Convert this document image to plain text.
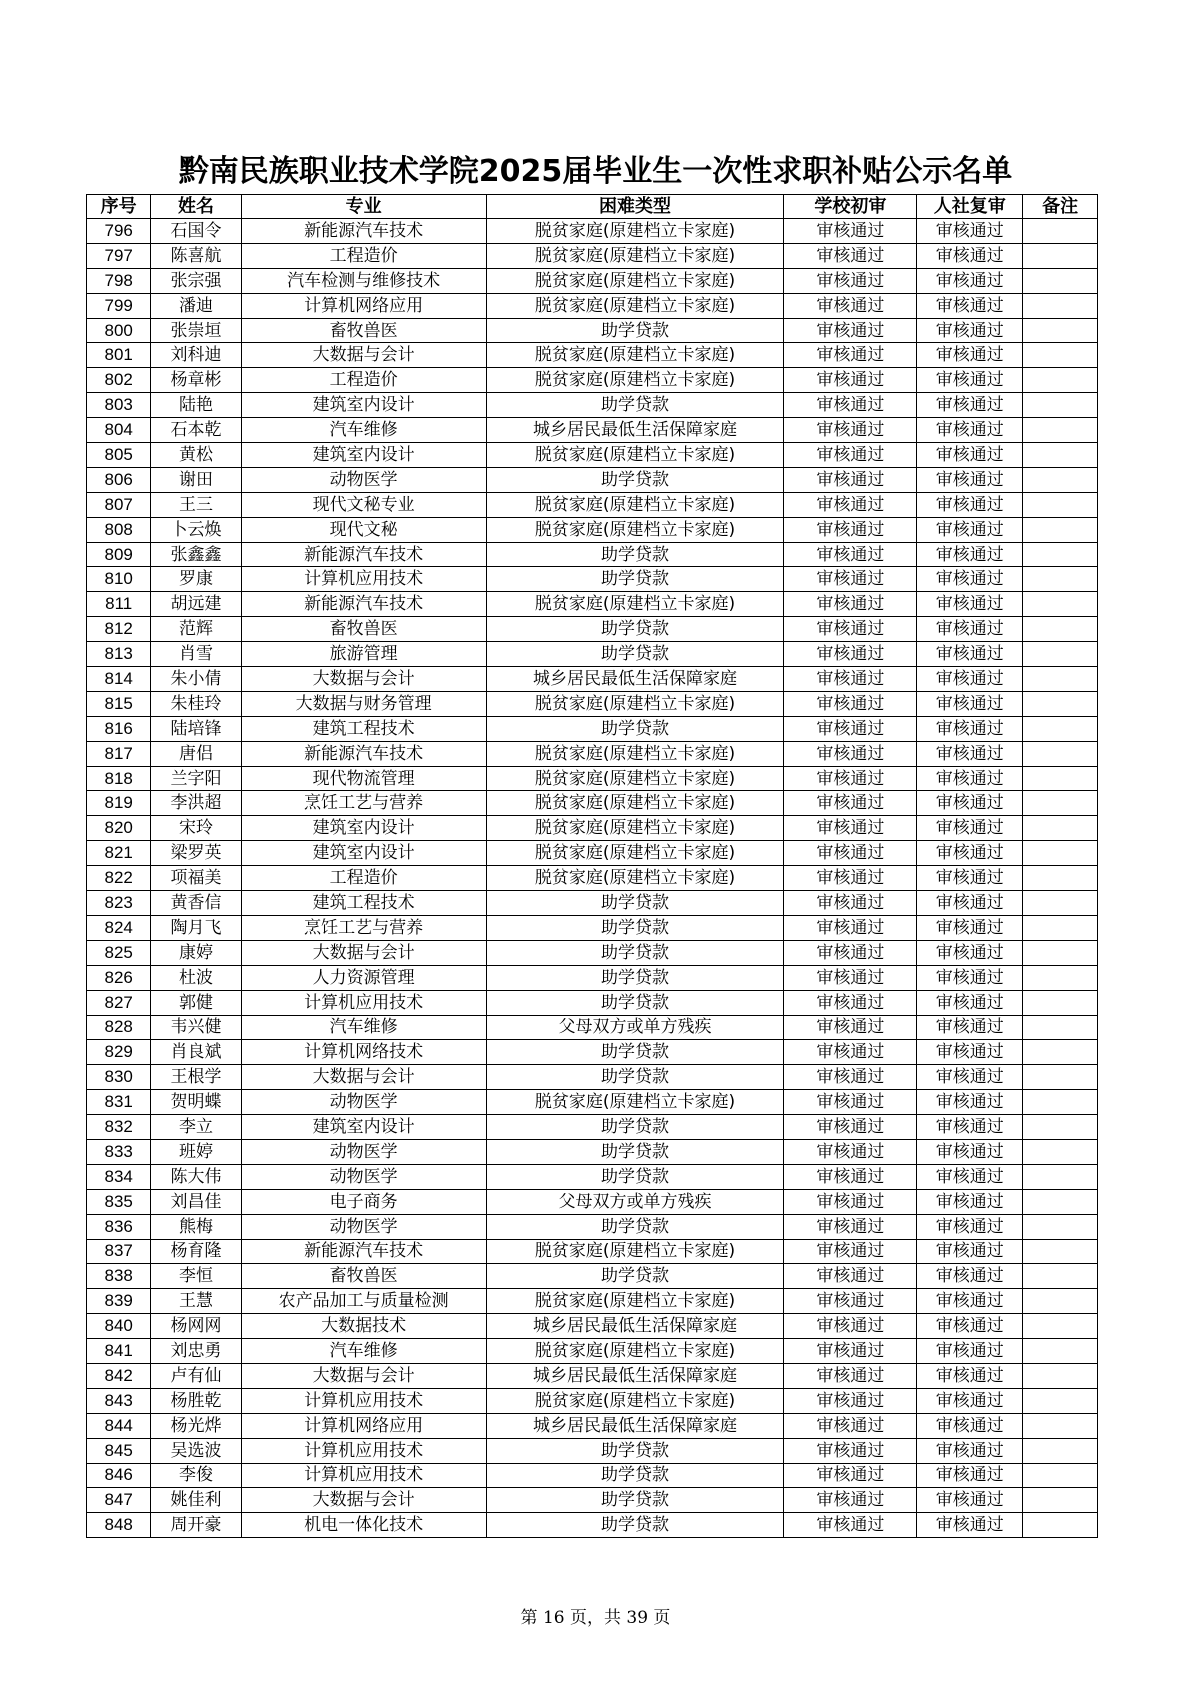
黔南民族职业技术学院2025届毕业生一次性求职补贴公示名单
序号	姓名	专业	困难类型	学校初审	人社复审	备注
796	石国令	新能源汽车技术	脱贫家庭(原建档立卡家庭)	审核通过	审核通过	
797	陈喜航	工程造价	脱贫家庭(原建档立卡家庭)	审核通过	审核通过	
798	张宗强	汽车检测与维修技术	脱贫家庭(原建档立卡家庭)	审核通过	审核通过	
799	潘迪	计算机网络应用	脱贫家庭(原建档立卡家庭)	审核通过	审核通过	
800	张崇垣	畜牧兽医	助学贷款	审核通过	审核通过	
801	刘科迪	大数据与会计	脱贫家庭(原建档立卡家庭)	审核通过	审核通过	
802	杨章彬	工程造价	脱贫家庭(原建档立卡家庭)	审核通过	审核通过	
803	陆艳	建筑室内设计	助学贷款	审核通过	审核通过	
804	石本乾	汽车维修	城乡居民最低生活保障家庭	审核通过	审核通过	
805	黄松	建筑室内设计	脱贫家庭(原建档立卡家庭)	审核通过	审核通过	
806	谢田	动物医学	助学贷款	审核通过	审核通过	
807	王三	现代文秘专业	脱贫家庭(原建档立卡家庭)	审核通过	审核通过	
808	卜云焕	现代文秘	脱贫家庭(原建档立卡家庭)	审核通过	审核通过	
809	张鑫鑫	新能源汽车技术	助学贷款	审核通过	审核通过	
810	罗康	计算机应用技术	助学贷款	审核通过	审核通过	
811	胡远建	新能源汽车技术	脱贫家庭(原建档立卡家庭)	审核通过	审核通过	
812	范辉	畜牧兽医	助学贷款	审核通过	审核通过	
813	肖雪	旅游管理	助学贷款	审核通过	审核通过	
814	朱小倩	大数据与会计	城乡居民最低生活保障家庭	审核通过	审核通过	
815	朱桂玲	大数据与财务管理	脱贫家庭(原建档立卡家庭)	审核通过	审核通过	
816	陆培锋	建筑工程技术	助学贷款	审核通过	审核通过	
817	唐侣	新能源汽车技术	脱贫家庭(原建档立卡家庭)	审核通过	审核通过	
818	兰字阳	现代物流管理	脱贫家庭(原建档立卡家庭)	审核通过	审核通过	
819	李洪超	烹饪工艺与营养	脱贫家庭(原建档立卡家庭)	审核通过	审核通过	
820	宋玲	建筑室内设计	脱贫家庭(原建档立卡家庭)	审核通过	审核通过	
821	梁罗英	建筑室内设计	脱贫家庭(原建档立卡家庭)	审核通过	审核通过	
822	项福美	工程造价	脱贫家庭(原建档立卡家庭)	审核通过	审核通过	
823	黄香信	建筑工程技术	助学贷款	审核通过	审核通过	
824	陶月飞	烹饪工艺与营养	助学贷款	审核通过	审核通过	
825	康婷	大数据与会计	助学贷款	审核通过	审核通过	
826	杜波	人力资源管理	助学贷款	审核通过	审核通过	
827	郭健	计算机应用技术	助学贷款	审核通过	审核通过	
828	韦兴健	汽车维修	父母双方或单方残疾	审核通过	审核通过	
829	肖良斌	计算机网络技术	助学贷款	审核通过	审核通过	
830	王根学	大数据与会计	助学贷款	审核通过	审核通过	
831	贺明蝶	动物医学	脱贫家庭(原建档立卡家庭)	审核通过	审核通过	
832	李立	建筑室内设计	助学贷款	审核通过	审核通过	
833	班婷	动物医学	助学贷款	审核通过	审核通过	
834	陈大伟	动物医学	助学贷款	审核通过	审核通过	
835	刘昌佳	电子商务	父母双方或单方残疾	审核通过	审核通过	
836	熊梅	动物医学	助学贷款	审核通过	审核通过	
837	杨育隆	新能源汽车技术	脱贫家庭(原建档立卡家庭)	审核通过	审核通过	
838	李恒	畜牧兽医	助学贷款	审核通过	审核通过	
839	王慧	农产品加工与质量检测	脱贫家庭(原建档立卡家庭)	审核通过	审核通过	
840	杨网网	大数据技术	城乡居民最低生活保障家庭	审核通过	审核通过	
841	刘忠勇	汽车维修	脱贫家庭(原建档立卡家庭)	审核通过	审核通过	
842	卢有仙	大数据与会计	城乡居民最低生活保障家庭	审核通过	审核通过	
843	杨胜乾	计算机应用技术	脱贫家庭(原建档立卡家庭)	审核通过	审核通过	
844	杨光烨	计算机网络应用	城乡居民最低生活保障家庭	审核通过	审核通过	
845	吴选波	计算机应用技术	助学贷款	审核通过	审核通过	
846	李俊	计算机应用技术	助学贷款	审核通过	审核通过	
847	姚佳利	大数据与会计	助学贷款	审核通过	审核通过	
848	周开豪	机电一体化技术	助学贷款	审核通过	审核通过	
第 16 页，共 39 页
